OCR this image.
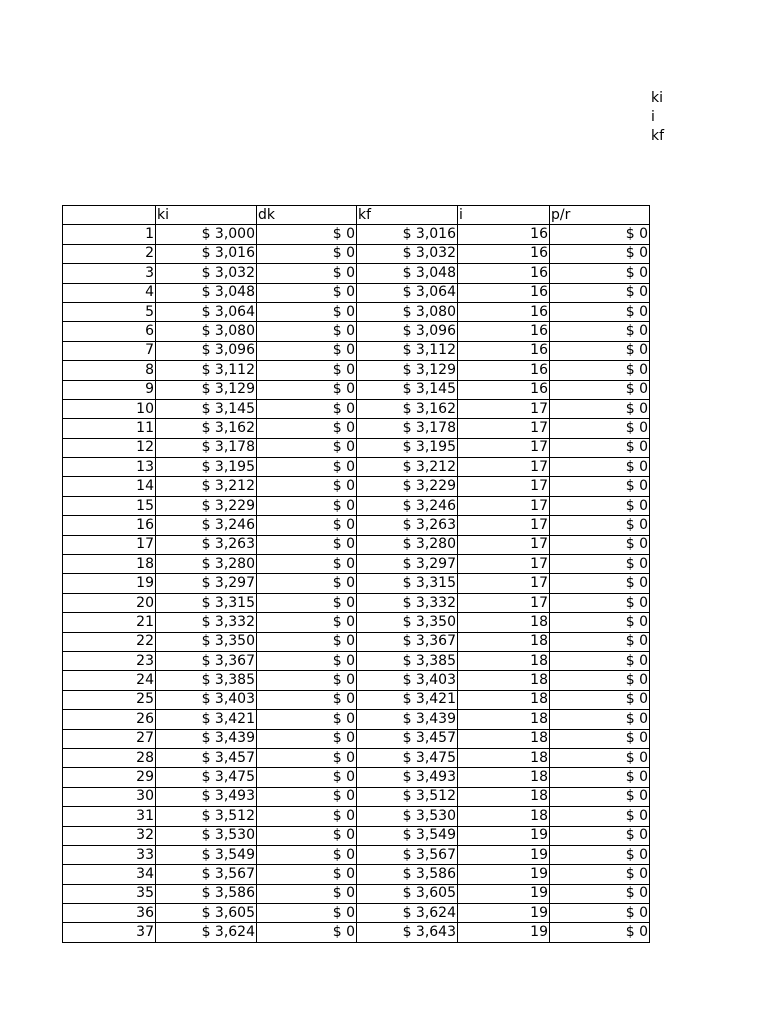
ki
i
kf
	ki	dk	kf	i	p/r
1	$ 3,000	$ 0	$ 3,016	16	$ 0
2	$ 3,016	$ 0	$ 3,032	16	$ 0
3	$ 3,032	$ 0	$ 3,048	16	$ 0
4	$ 3,048	$ 0	$ 3,064	16	$ 0
5	$ 3,064	$ 0	$ 3,080	16	$ 0
6	$ 3,080	$ 0	$ 3,096	16	$ 0
7	$ 3,096	$ 0	$ 3,112	16	$ 0
8	$ 3,112	$ 0	$ 3,129	16	$ 0
9	$ 3,129	$ 0	$ 3,145	16	$ 0
10	$ 3,145	$ 0	$ 3,162	17	$ 0
11	$ 3,162	$ 0	$ 3,178	17	$ 0
12	$ 3,178	$ 0	$ 3,195	17	$ 0
13	$ 3,195	$ 0	$ 3,212	17	$ 0
14	$ 3,212	$ 0	$ 3,229	17	$ 0
15	$ 3,229	$ 0	$ 3,246	17	$ 0
16	$ 3,246	$ 0	$ 3,263	17	$ 0
17	$ 3,263	$ 0	$ 3,280	17	$ 0
18	$ 3,280	$ 0	$ 3,297	17	$ 0
19	$ 3,297	$ 0	$ 3,315	17	$ 0
20	$ 3,315	$ 0	$ 3,332	17	$ 0
21	$ 3,332	$ 0	$ 3,350	18	$ 0
22	$ 3,350	$ 0	$ 3,367	18	$ 0
23	$ 3,367	$ 0	$ 3,385	18	$ 0
24	$ 3,385	$ 0	$ 3,403	18	$ 0
25	$ 3,403	$ 0	$ 3,421	18	$ 0
26	$ 3,421	$ 0	$ 3,439	18	$ 0
27	$ 3,439	$ 0	$ 3,457	18	$ 0
28	$ 3,457	$ 0	$ 3,475	18	$ 0
29	$ 3,475	$ 0	$ 3,493	18	$ 0
30	$ 3,493	$ 0	$ 3,512	18	$ 0
31	$ 3,512	$ 0	$ 3,530	18	$ 0
32	$ 3,530	$ 0	$ 3,549	19	$ 0
33	$ 3,549	$ 0	$ 3,567	19	$ 0
34	$ 3,567	$ 0	$ 3,586	19	$ 0
35	$ 3,586	$ 0	$ 3,605	19	$ 0
36	$ 3,605	$ 0	$ 3,624	19	$ 0
37	$ 3,624	$ 0	$ 3,643	19	$ 0
